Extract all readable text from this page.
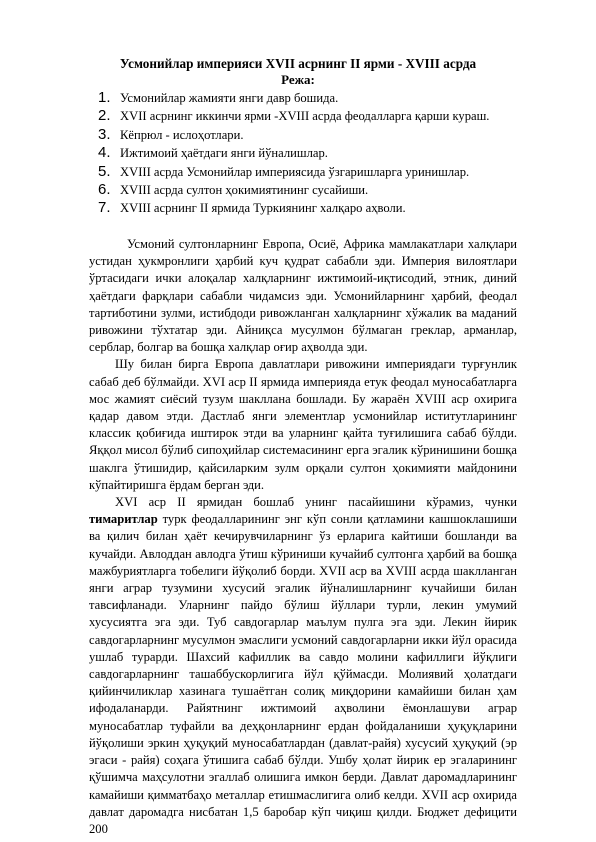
Усмонийлар империяси XVII асрнинг II ярми - XVIII асрда
Режа:
1. Усмонийлар жамияти янги давр бошида.
2. XVII асрнинг иккинчи ярми -XVIII асрда феодалларга қарши кураш.
3. Кёпрюл - ислоҳотлари.
4. Ижтимоий ҳаётдаги янги йўналишлар.
5. XVIII асрда Усмонийлар империясида ўзгаришларга уринишлар.
6. XVIII асрда султон ҳокимиятининг сусайиши.
7. XVIII асрнинг II ярмида Туркиянинг халқаро аҳволи.

Усмоний султонларнинг Европа, Осиё, Африка мамлакатлари халқлари устидан ҳукмронлиги ҳарбий куч қудрат сабабли эди. Империя вилоятлари ўртасидаги ички алоқалар халқларнинг ижтимоий-иқтисодий, этник, диний ҳаётдаги фарқлари сабабли чидамсиз эди. Усмонийларнинг ҳарбий, феодал тартиботини зулми, истибдоди ривожланган халқларнинг хўжалик ва маданий ривожини тўхтатар эди. Айниқса мусулмон бўлмаган греклар, арманлар, серблар, болгар ва бошқа халқлар оғир аҳволда эди.

Шу билан бирга Европа давлатлари ривожини империядаги турғунлик сабаб деб бўлмайди. XVI аср II ярмида империяда етук феодал муносабатларга мос жамият сиёсий тузум шакллана бошлади. Бу жараён XVIII аср охирига қадар давом этди. Дастлаб янги элементлар усмонийлар иститутларининг классик қобиғида иштирок этди ва уларнинг қайта туғилишига сабаб бўлди. Яққол мисол бўлиб сипоҳийлар системасининг ерга эгалик кўринишини бошқа шаклга ўтишидир, қайсиларким зулм орқали султон ҳокимияти майдонини кўпайтиришга ёрдам берган эди.

XVI аср II ярмидан бошлаб унинг пасайишини кўрамиз, чунки тимаритлар турк феодалларининг энг кўп сонли қатламини кашшоклашиши ва қилич билан ҳаёт кечирувчиларнинг ўз ерларига кайтиши бошланди ва кучайди. Авлоддан авлодга ўтиш кўриниши кучайиб султонга ҳарбий ва бошқа мажбуриятларга тобелиги йўқолиб борди. XVII аср ва XVIII асрда шаклланган янги аграр тузумини хусусий эгалик йўналишларнинг кучайиши билан тавсифланади. Уларнинг пайдо бўлиш йўллари турли, лекин умумий хусусиятга эга эди. Туб савдогарлар маълум пулга эга эди. Лекин йирик савдогарларнинг мусулмон эмаслиги усмоний савдогарларни икки йўл орасида ушлаб турарди. Шахсий кафиллик ва савдо молини кафиллиги йўқлиги савдогарларнинг ташаббускорлигига йўл қўймасди. Молиявий ҳолатдаги қийинчиликлар хазинага тушаётган солиқ миқдорини камайиши билан ҳам ифодаланарди. Райятнинг ижтимоий аҳволини ёмонлашуви аграр муносабатлар туфайли ва деҳқонларнинг ердан фойдаланиши ҳуқуқларини йўқолиши эркин ҳуқуқий муносабатлардан (давлат-райя) хусусий ҳуқуқий (эр эгаси - райя) соҳага ўтишига сабаб бўлди. Ушбу ҳолат йирик ер эгаларининг қўшимча маҳсулотни эгаллаб олишига имкон берди. Давлат даромадларининг камайиши қимматбаҳо металлар етишмаслигига олиб келди. XVII аср охирида давлат даромадга нисбатан 1,5 баробар кўп чиқиш қилди. Бюджет дефицити 200
